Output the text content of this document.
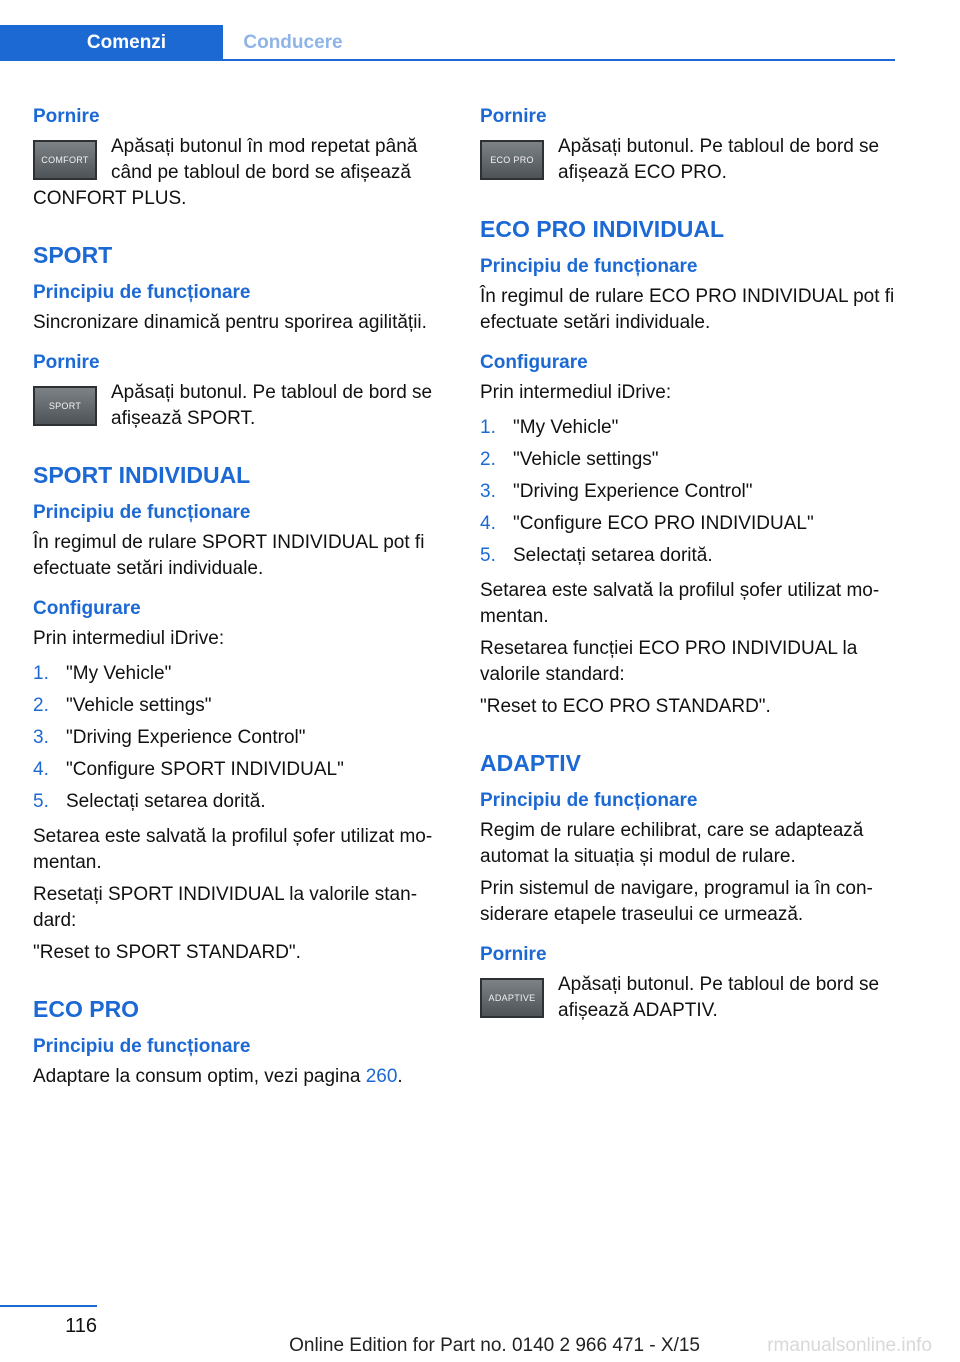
Comenzi	Conducere
Pornire
COMFORT

Apăsați butonul în mod repetat până când pe tabloul de bord se afișează CONFORT PLUS.

SPORT
Principiu de funcționare

Sincronizare dinamică pentru sporirea agilității.

Pornire
SPORT

Apăsați butonul. Pe tabloul de bord se afișează SPORT.

SPORT INDIVIDUAL
Principiu de funcționare

În regimul de rulare SPORT INDIVIDUAL pot fi efectuate setări individuale.

Configurare

Prin intermediul iDrive:

1. "My Vehicle"
2. "Vehicle settings"
3. "Driving Experience Control"
4. "Configure SPORT INDIVIDUAL"
5. Selectați setarea dorită.

Setarea este salvată la profilul șofer utilizat momentan.

Resetați SPORT INDIVIDUAL la valorile standard:

"Reset to SPORT STANDARD".

ECO PRO
Principiu de funcționare

Adaptare la consum optim, vezi pagina 260.

Pornire
ECO PRO

Apăsați butonul. Pe tabloul de bord se afișează ECO PRO.

ECO PRO INDIVIDUAL
Principiu de funcționare

În regimul de rulare ECO PRO INDIVIDUAL pot fi efectuate setări individuale.

Configurare

Prin intermediul iDrive:

1. "My Vehicle"
2. "Vehicle settings"
3. "Driving Experience Control"
4. "Configure ECO PRO INDIVIDUAL"
5. Selectați setarea dorită.

Setarea este salvată la profilul șofer utilizat momentan.

Resetarea funcției ECO PRO INDIVIDUAL la valorile standard:

"Reset to ECO PRO STANDARD".

ADAPTIV
Principiu de funcționare

Regim de rulare echilibrat, care se adaptează automat la situația și modul de rulare.

Prin sistemul de navigare, programul ia în considerare etapele traseului ce urmează.

Pornire
ADAPTIVE

Apăsați butonul. Pe tabloul de bord se afișează ADAPTIV.

116
Online Edition for Part no. 0140 2 966 471 - X/15	rmanualsonline.info
